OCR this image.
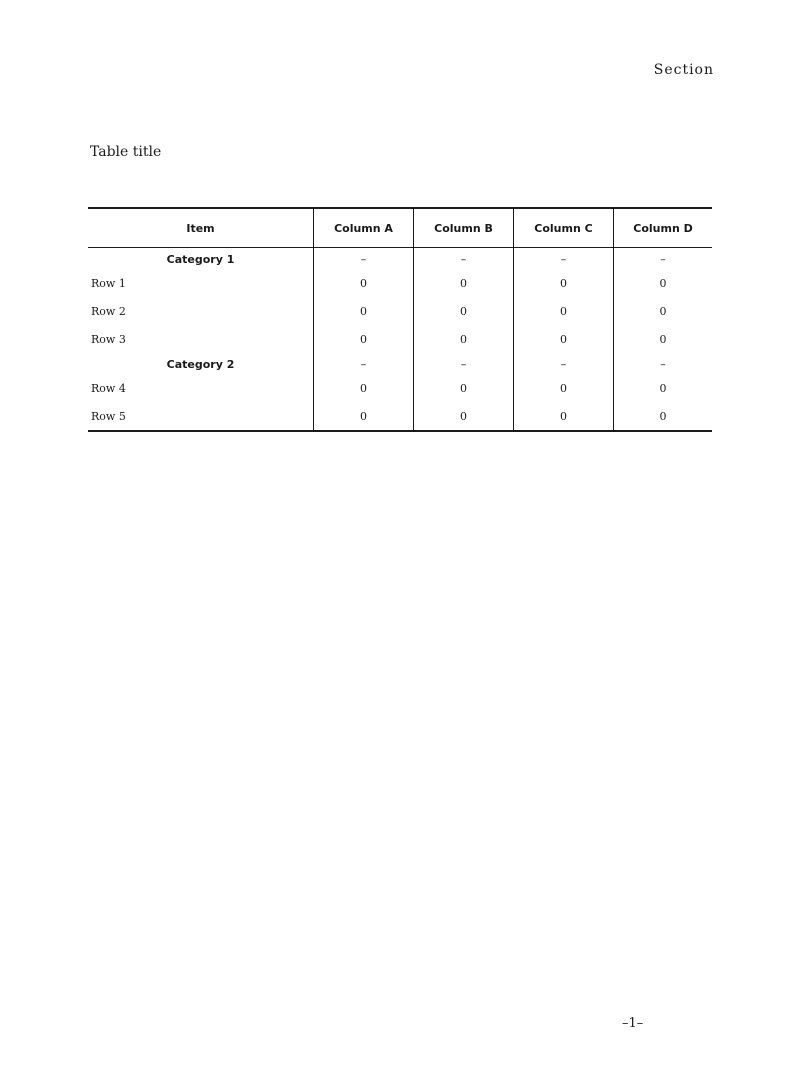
Section
Table title
Item	Column A	Column B	Column C	Column D
Category 1	–	–	–	–
Row 1	0	0	0	0
Row 2	0	0	0	0
Row 3	0	0	0	0
Category 2	–	–	–	–
Row 4	0	0	0	0
Row 5	0	0	0	0
–1–
